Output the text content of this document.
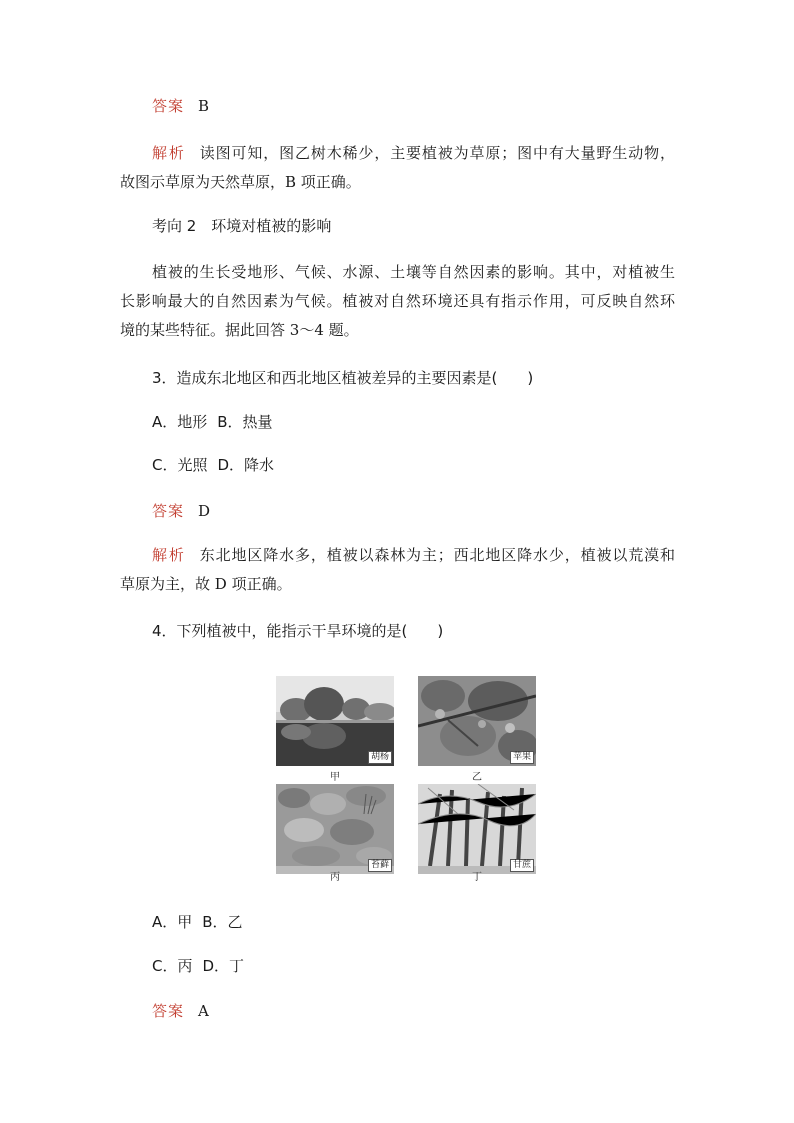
答案 B
解析 读图可知，图乙树木稀少，主要植被为草原；图中有大量野生动物，
故图示草原为天然草原，B 项正确。
考向 2　环境对植被的影响
植被的生长受地形、气候、水源、土壤等自然因素的影响。其中，对植被生
长影响最大的自然因素为气候。植被对自然环境还具有指示作用，可反映自然环
境的某些特征。据此回答 3～4 题。
3．造成东北地区和西北地区植被差异的主要因素是(　　)
A．地形 B．热量
C．光照 D．降水
答案 D
解析 东北地区降水多，植被以森林为主；西北地区降水少，植被以荒漠和
草原为主，故 D 项正确。
4．下列植被中，能指示干旱环境的是(　　)
胡杨
甲
苹果
乙
苔藓
丙
甘蔗
丁
A．甲 B．乙
C．丙 D．丁
答案 A
